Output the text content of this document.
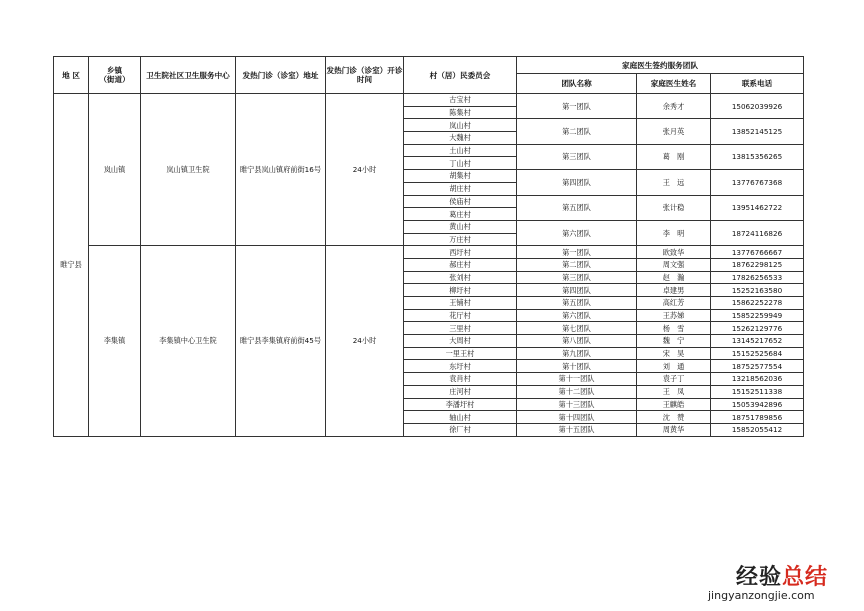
地 区	乡镇
（街道）	卫生院社区卫生服务中心	发热门诊（诊室）地址	发热门诊（诊室）开诊时间	村（居）民委员会	家庭医生签约服务团队		
						团队名称	家庭医生姓名	联系电话
睢宁县	岚山镇	岚山镇卫生院	睢宁县岚山镇府前街16号	24小时	古宝村	第一团队	余秀才	15062039926
					陈集村			
					岚山村	第二团队	张月英	13852145125
					大魏村			
					土山村	第三团队	葛　刚	13815356265
					丁山村			
					胡集村	第四团队	王　远	13776767368
					胡庄村			
					侯庙村	第五团队	张计稳	13951462722
					葛庄村			
					黄山村	第六团队	李　明	18724116826
					万庄村			
	李集镇	李集镇中心卫生院	睢宁县李集镇府前街45号	24小时	西圩村	第一团队	欧致华	13776766667
					郝庄村	第二团队	周文强	18762298125
					张刘村	第三团队	赵　瀚	17826256533
					柳圩村	第四团队	卓建男	15252163580
					王铺村	第五团队	高红芳	15862252278
					花厅村	第六团队	王苏娣	15852259949
					三里村	第七团队	杨　雪	15262129776
					大周村	第八团队	魏　宁	13145217652
					一里王村	第九团队	宋　昊	15152525684
					东圩村	第十团队	刘　通	18752577554
					袁肖村	第十一团队	袁子丁	13218562036
					庄河村	第十二团队	王　凤	15152511338
					李潘圩村	第十三团队	王麒皓	15053942896
					轴山村	第十四团队	沈　赞	18751789856
					徐厂村	第十五团队	周黄华	15852055412
经验总结
jingyanzongjie.com
